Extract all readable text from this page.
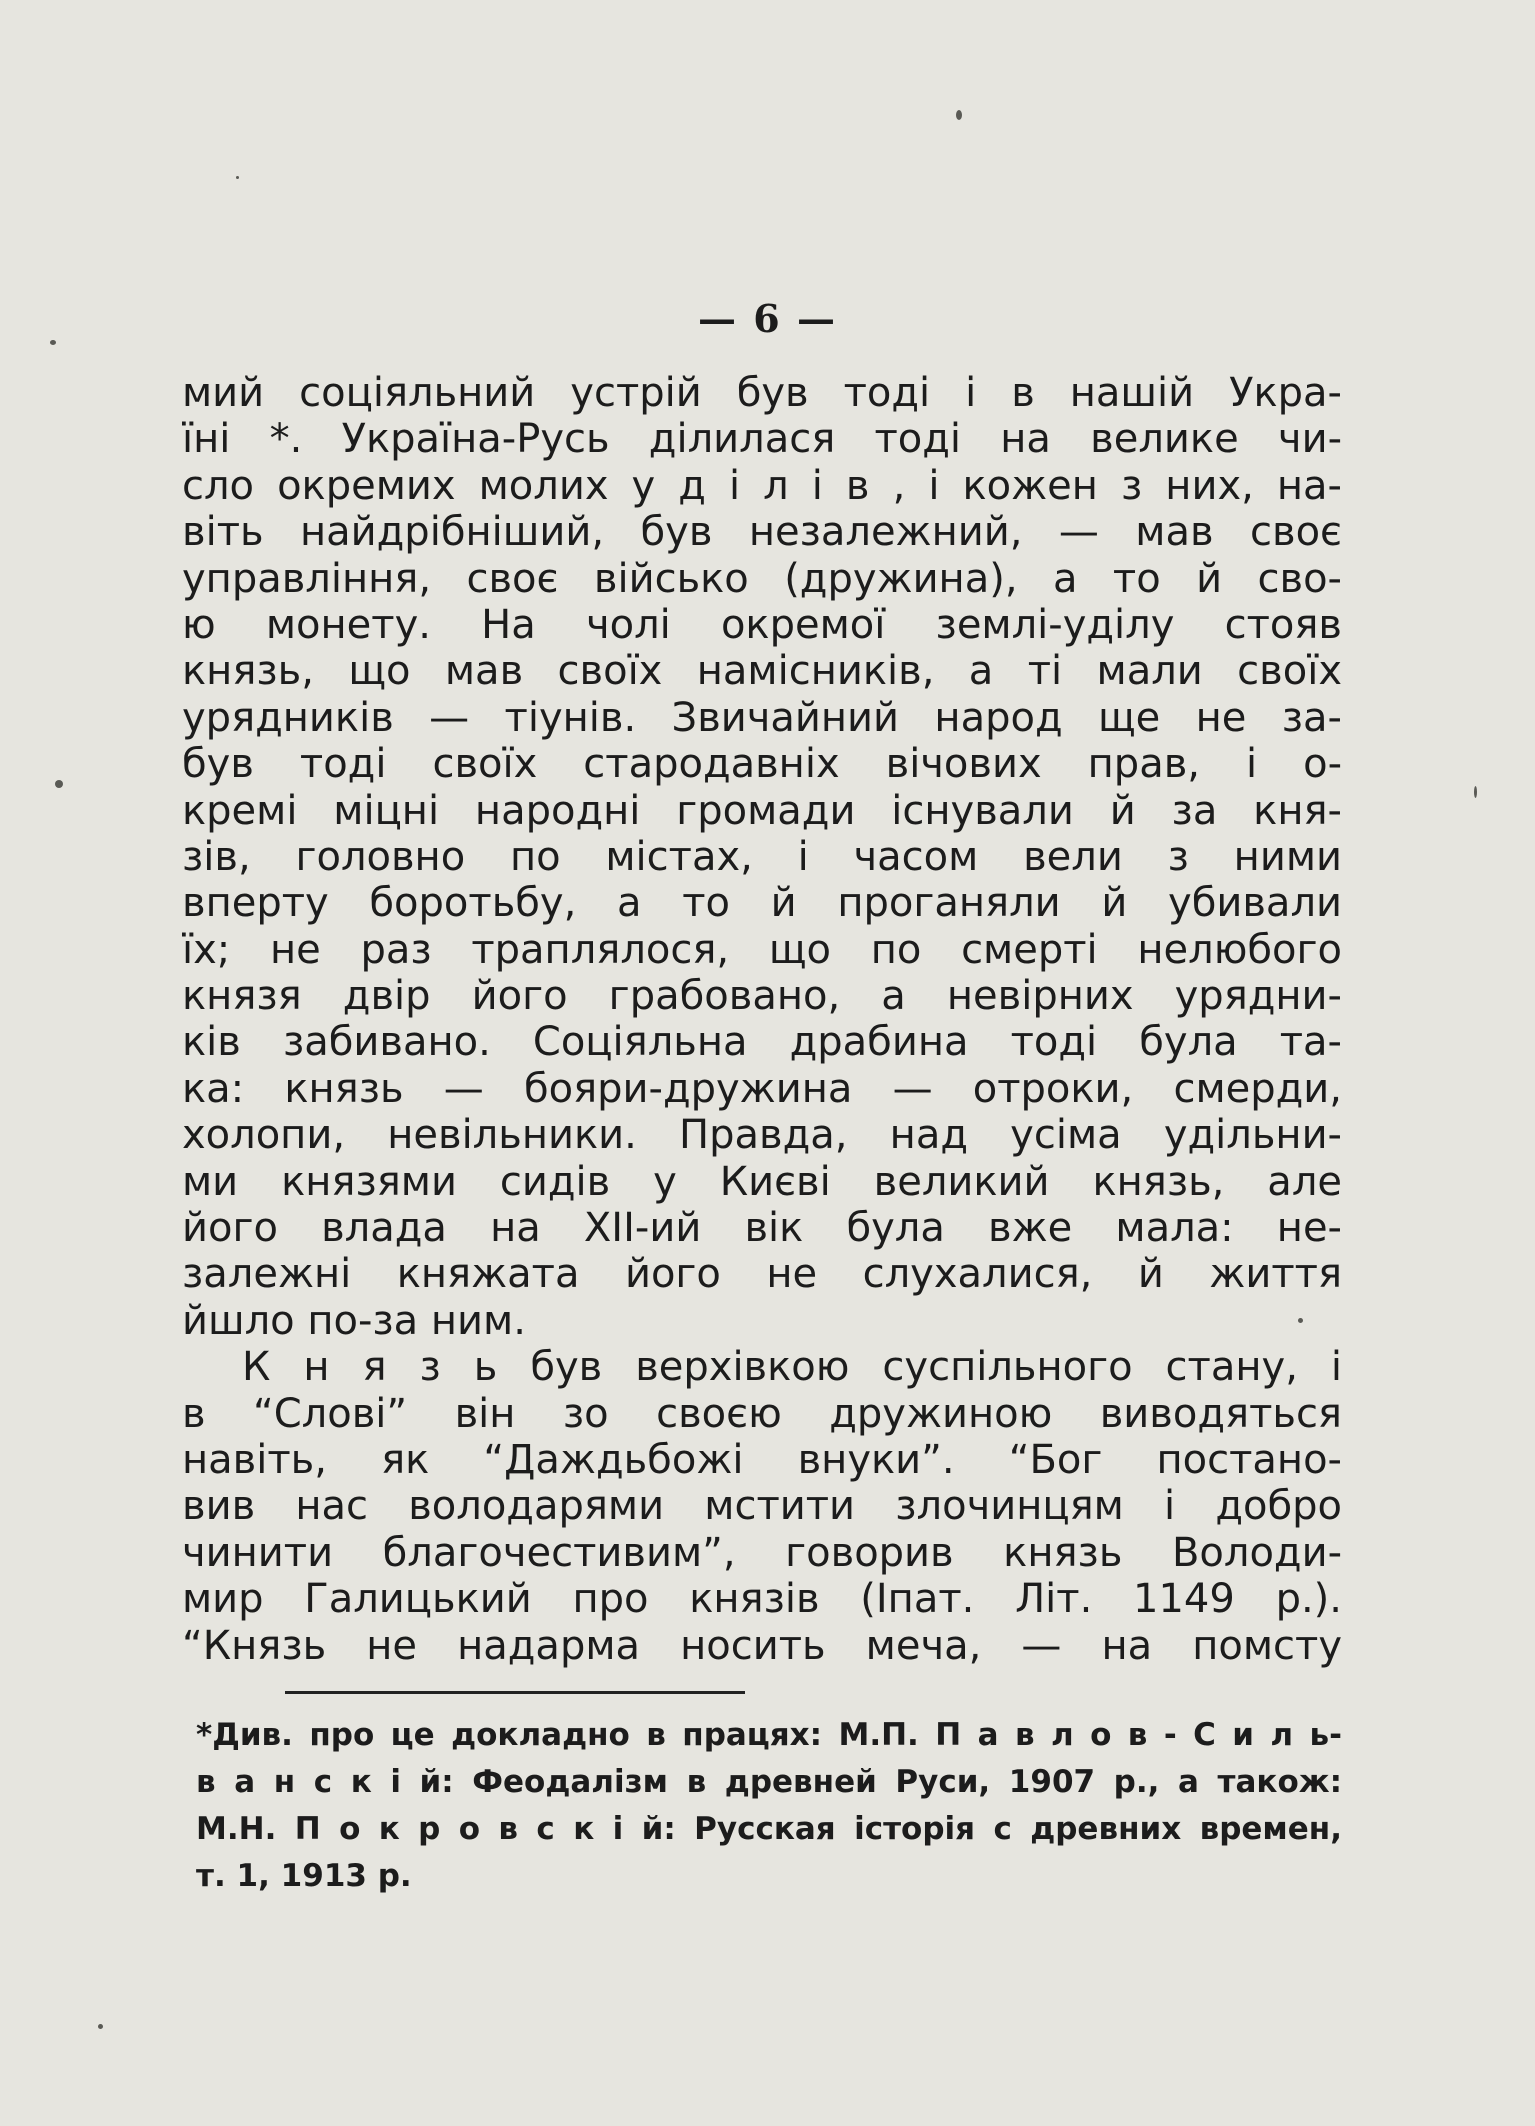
— 6 —
мий соціяльний устрій був тоді і в нашій Укра-
їні *. Україна-Русь ділилася тоді на велике чи-
сло окремих молих у д і л і в , і кожен з них, на-
віть найдрібніший, був незалежний, — мав своє
управління, своє військо (дружина), а то й сво-
ю монету. На чолі окремої землі-уділу стояв
князь, що мав своїх намісників, а ті мали своїх
урядників — тіунів. Звичайний народ ще не за-
був тоді своїх стародавніх вічових прав, і о-
кремі міцні народні громади існували й за кня-
зів, головно по містах, і часом вели з ними
вперту боротьбу, а то й проганяли й убивали
їх; не раз траплялося, що по смерті нелюбого
князя двір його грабовано, а невірних урядни-
ків забивано. Соціяльна драбина тоді була та-
ка: князь — бояри-дружина — отроки, смерди,
холопи, невільники. Правда, над усіма удільни-
ми князями сидів у Києві великий князь, але
його влада на XII-ий вік була вже мала: не-
залежні княжата його не слухалися, й життя
йшло по-за ним.
К н я з ь був верхівкою суспільного стану, і
в “Слові” він зо своєю дружиною виводяться
навіть, як “Даждьбожі внуки”. “Бог постано-
вив нас володарями мстити злочинцям і добро
чинити благочестивим”, говорив князь Володи-
мир Галицький про князів (Іпат. Літ. 1149 р.).
“Князь не надарма носить меча, — на помсту
*Див. про це докладно в працях: М.П. П а в л о в - С и л ь-
в а н с к і й: Феодалізм в древней Руси, 1907 р., а також:
М.Н. П о к р о в с к і й: Русская історія с древних времен,
т. 1, 1913 р.
